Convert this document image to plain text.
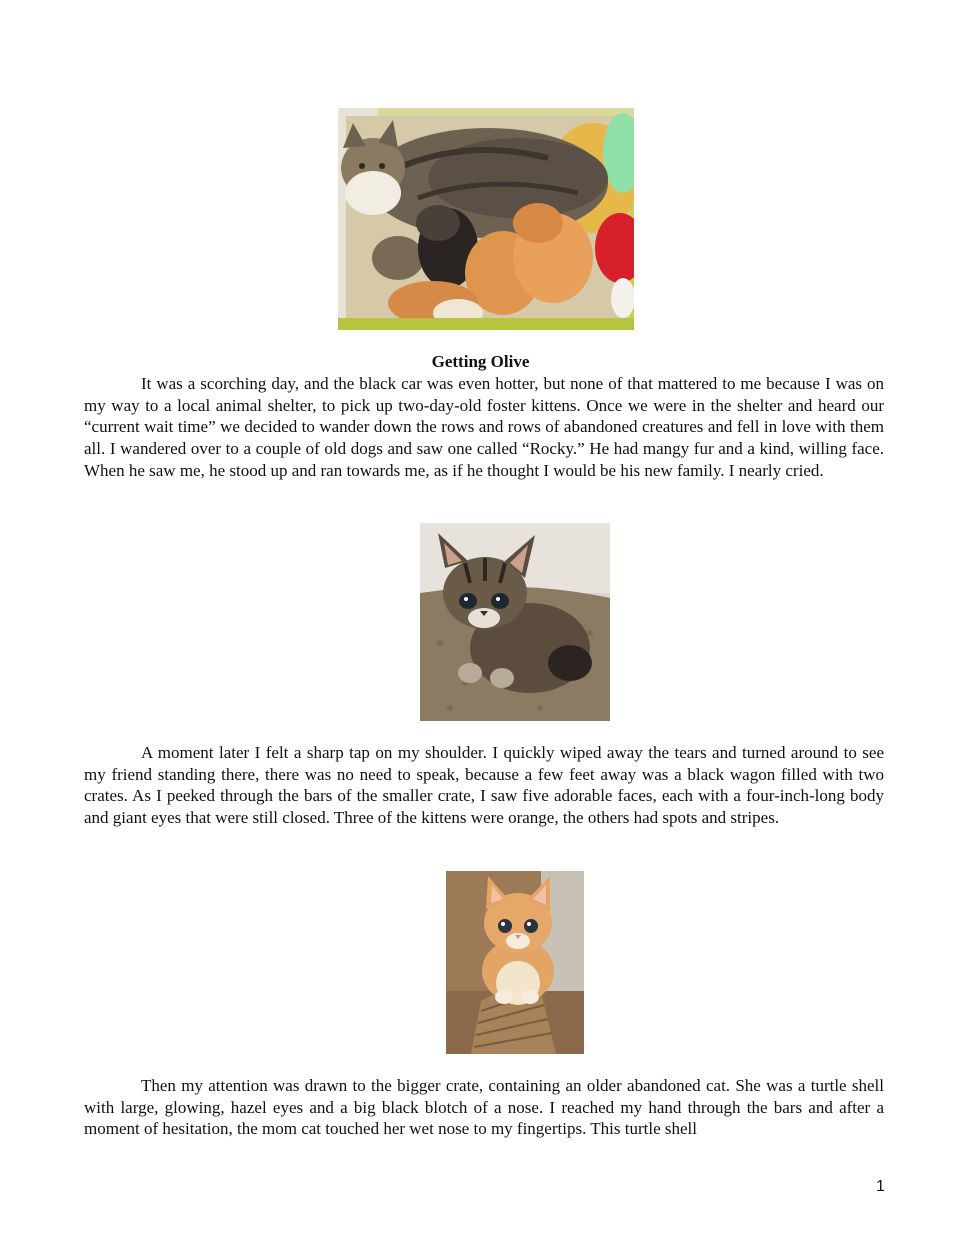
Getting Olive

It was a scorching day, and the black car was even hotter, but none of that mattered to me because I was on my way to a local animal shelter, to pick up two-day-old foster kittens. Once we were in the shelter and heard our “current wait time” we decided to wander down the rows and rows of abandoned creatures and fell in love with them all. I wandered over to a couple of old dogs and saw one called “Rocky.” He had mangy fur and a kind, willing face. When he saw me, he stood up and ran towards me, as if he thought I would be his new family. I nearly cried.

A moment later I felt a sharp tap on my shoulder. I quickly wiped away the tears and turned around to see my friend standing there, there was no need to speak, because a few feet away was a black wagon filled with two crates. As I peeked through the bars of the smaller crate, I saw five adorable faces, each with a four-inch-long body and giant eyes that were still closed. Three of the kittens were orange, the others had spots and stripes.

Then my attention was drawn to the bigger crate, containing an older abandoned cat. She was a turtle shell with large, glowing, hazel eyes and a big black blotch of a nose. I reached my hand through the bars and after a moment of hesitation, the mom cat touched her wet nose to my fingertips. This turtle shell

1
